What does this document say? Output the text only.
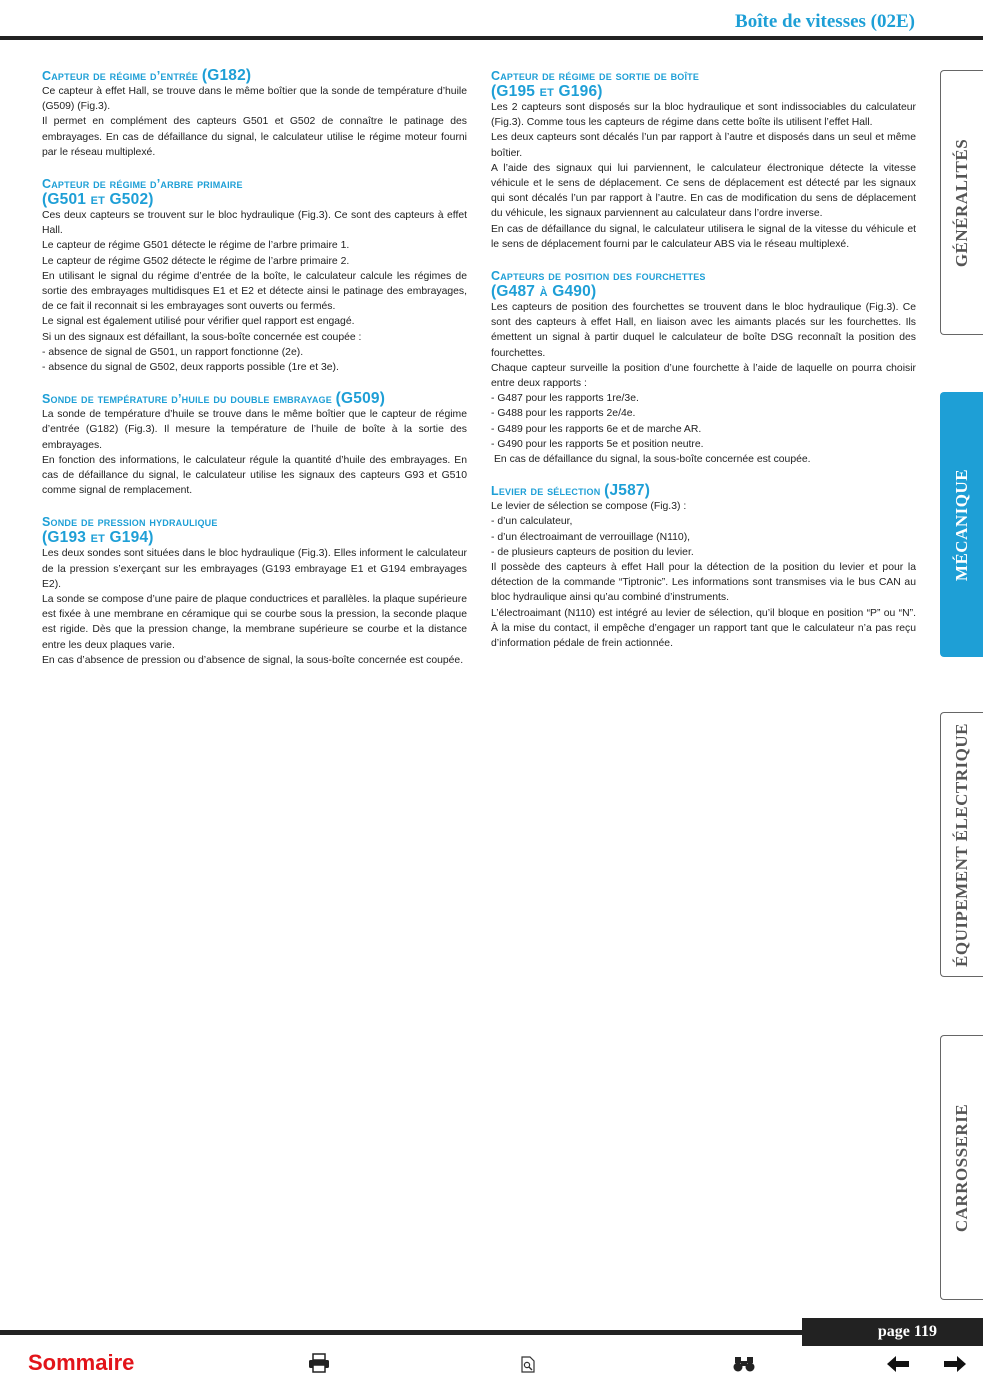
Boîte de vitesses (02E)
Capteur de régime d’entrée (G182)

Ce capteur à effet Hall, se trouve dans le même boîtier que la sonde de température d’huile (G509) (Fig.3).

Il permet en complément des capteurs G501 et G502 de connaître le patinage des embrayages. En cas de défaillance du signal, le calculateur utilise le régime moteur fourni par le réseau multiplexé.

Capteur de régime d’arbre primaire
(G501 et G502)

Ces deux capteurs se trouvent sur le bloc hydraulique (Fig.3). Ce sont des capteurs à effet Hall.

Le capteur de régime G501 détecte le régime de l’arbre primaire 1.

Le capteur de régime G502 détecte le régime de l’arbre primaire 2.

En utilisant le signal du régime d’entrée de la boîte, le calculateur calcule les régimes de sortie des embrayages multidisques E1 et E2 et détecte ainsi le patinage des embrayages, de ce fait il reconnait si les embrayages sont ouverts ou fermés.

Le signal est également utilisé pour vérifier quel rapport est engagé.

Si un des signaux est défaillant, la sous-boîte concernée est coupée :

- absence de signal de G501, un rapport fonctionne (2e).

- absence du signal de G502, deux rapports possible (1re et 3e).

Sonde de température d’huile du double embrayage (G509)

La sonde de température d’huile se trouve dans le même boîtier que le capteur de régime d’entrée (G182) (Fig.3). Il mesure la température de l’huile de boîte à la sortie des embrayages.

En fonction des informations, le calculateur régule la quantité d’huile des embrayages. En cas de défaillance du signal, le calculateur utilise les signaux des capteurs G93 et G510 comme signal de remplacement.

Sonde de pression hydraulique
(G193 et G194)

Les deux sondes sont situées dans le bloc hydraulique (Fig.3). Elles informent le calculateur de la pression s’exerçant sur les embrayages (G193 embrayage E1 et G194 embrayages E2).

La sonde se compose d’une paire de plaque conductrices et parallèles. la plaque supérieure est fixée à une membrane en céramique qui se courbe sous la pression, la seconde plaque est rigide. Dès que la pression change, la membrane supérieure se courbe et la distance entre les deux plaques varie.

En cas d’absence de pression ou d’absence de signal, la sous-boîte concernée est coupée.

Capteur de régime de sortie de boîte
(G195 et G196)

Les 2 capteurs sont disposés sur la bloc hydraulique et sont indissociables du calculateur (Fig.3). Comme tous les capteurs de régime dans cette boîte ils utilisent l’effet Hall.

Les deux capteurs sont décalés l’un par rapport à l’autre et disposés dans un seul et même boîtier.

A l’aide des signaux qui lui parviennent, le calculateur électronique détecte la vitesse véhicule et le sens de déplacement. Ce sens de déplacement est détecté par les signaux qui sont décalés l’un par rapport à l’autre. En cas de modification du sens de déplacement du véhicule, les signaux parviennent au calculateur dans l’ordre inverse.

En cas de défaillance du signal, le calculateur utilisera le signal de la vitesse du véhicule et le sens de déplacement fourni par le calculateur ABS via le réseau multiplexé.

Capteurs de position des fourchettes
(G487 à G490)

Les capteurs de position des fourchettes se trouvent dans le bloc hydraulique (Fig.3). Ce sont des capteurs à effet Hall, en liaison avec les aimants placés sur les fourchettes. Ils émettent un signal à partir duquel le calculateur de boîte DSG reconnaît la position des fourchettes.

Chaque capteur surveille la position d’une fourchette à l’aide de laquelle on pourra choisir entre deux rapports :

- G487 pour les rapports 1re/3e.

- G488 pour les rapports 2e/4e.

- G489 pour les rapports 6e et de marche AR.

- G490 pour les rapports 5e et position neutre.

En cas de défaillance du signal, la sous-boîte concernée est coupée.

Levier de sélection (J587)

Le levier de sélection se compose (Fig.3) :

- d’un calculateur,

- d’un électroaimant de verrouillage (N110),

- de plusieurs capteurs de position du levier.

Il possède des capteurs à effet Hall pour la détection de la position du levier et pour la détection de la commande “Tiptronic”. Les informations sont transmises via le bus CAN au bloc hydraulique ainsi qu’au combiné d’instruments.

L’électroaimant (N110) est intégré au levier de sélection, qu’il bloque en position “P” ou “N”. À la mise du contact, il empêche d’engager un rapport tant que le calculateur n’a pas reçu d’information pédale de frein actionnée.

GÉNÉRALITÉS
MÉCANIQUE
ÉQUIPEMENT ÉLECTRIQUE
CARROSSERIE
page 119
Sommaire
